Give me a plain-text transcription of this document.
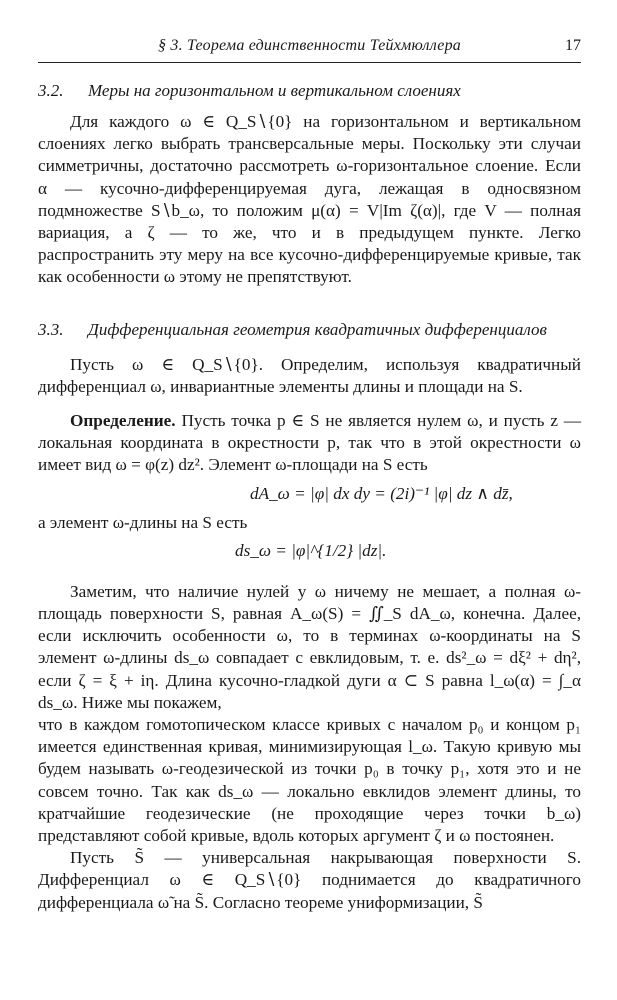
§ 3. Теорема единственности Тейхмюллера	17
3.2.	Меры на горизонтальном и вертикальном слоениях

Для каждого ω ∈ Q_S∖{0} на горизонтальном и вертикальном слоениях легко выбрать трансверсальные меры. Поскольку эти случаи симметричны, достаточно рассмотреть ω-горизонтальное слоение. Если α — кусочно-дифференцируемая дуга, лежащая в односвязном подмножестве S∖b_ω, то положим μ(α) = V|Im ζ(α)|, где V — полная вариация, а ζ — то же, что и в предыдущем пункте. Легко распространить эту меру на все кусочно-дифференцируемые кривые, так как особенности ω этому не препятствуют.

3.3.	Дифференциальная геометрия квадратичных дифференциалов

Пусть ω ∈ Q_S∖{0}. Определим, используя квадратичный дифференциал ω, инвариантные элементы длины и площади на S.

Определение. Пусть точка p ∈ S не является нулем ω, и пусть z — локальная координата в окрестности p, так что в этой окрестности ω имеет вид ω = φ(z) dz². Элемент ω-площади на S есть

dA_ω = |φ| dx dy = (2i)⁻¹ |φ| dz ∧ dz̄,

а элемент ω-длины на S есть

ds_ω = |φ|^{1/2} |dz|.

Заметим, что наличие нулей у ω ничему не мешает, а полная ω-площадь поверхности S, равная A_ω(S) = ∬_S dA_ω, конечна. Далее, если исключить особенности ω, то в терминах ω-координаты на S элемент ω-длины ds_ω совпадает с евклидовым, т. е. ds²_ω = dξ² + dη², если ζ = ξ + iη. Длина кусочно-гладкой дуги α ⊂ S равна l_ω(α) = ∫_α ds_ω. Ниже мы покажем,

что в каждом гомотопическом классе кривых с началом p₀ и концом p₁ имеется единственная кривая, минимизирующая l_ω. Такую кривую мы будем называть ω-геодезической из точки p₀ в точку p₁, хотя это и не совсем точно. Так как ds_ω — локально евклидов элемент длины, то кратчайшие геодезические (не проходящие через точки b_ω) представляют собой кривые, вдоль которых аргумент ζ и ω постоянен.

Пусть S̃ — универсальная накрывающая поверхности S. Дифференциал ω ∈ Q_S∖{0} поднимается до квадратичного дифференциала ω̃ на S̃. Согласно теореме униформизации, S̃
